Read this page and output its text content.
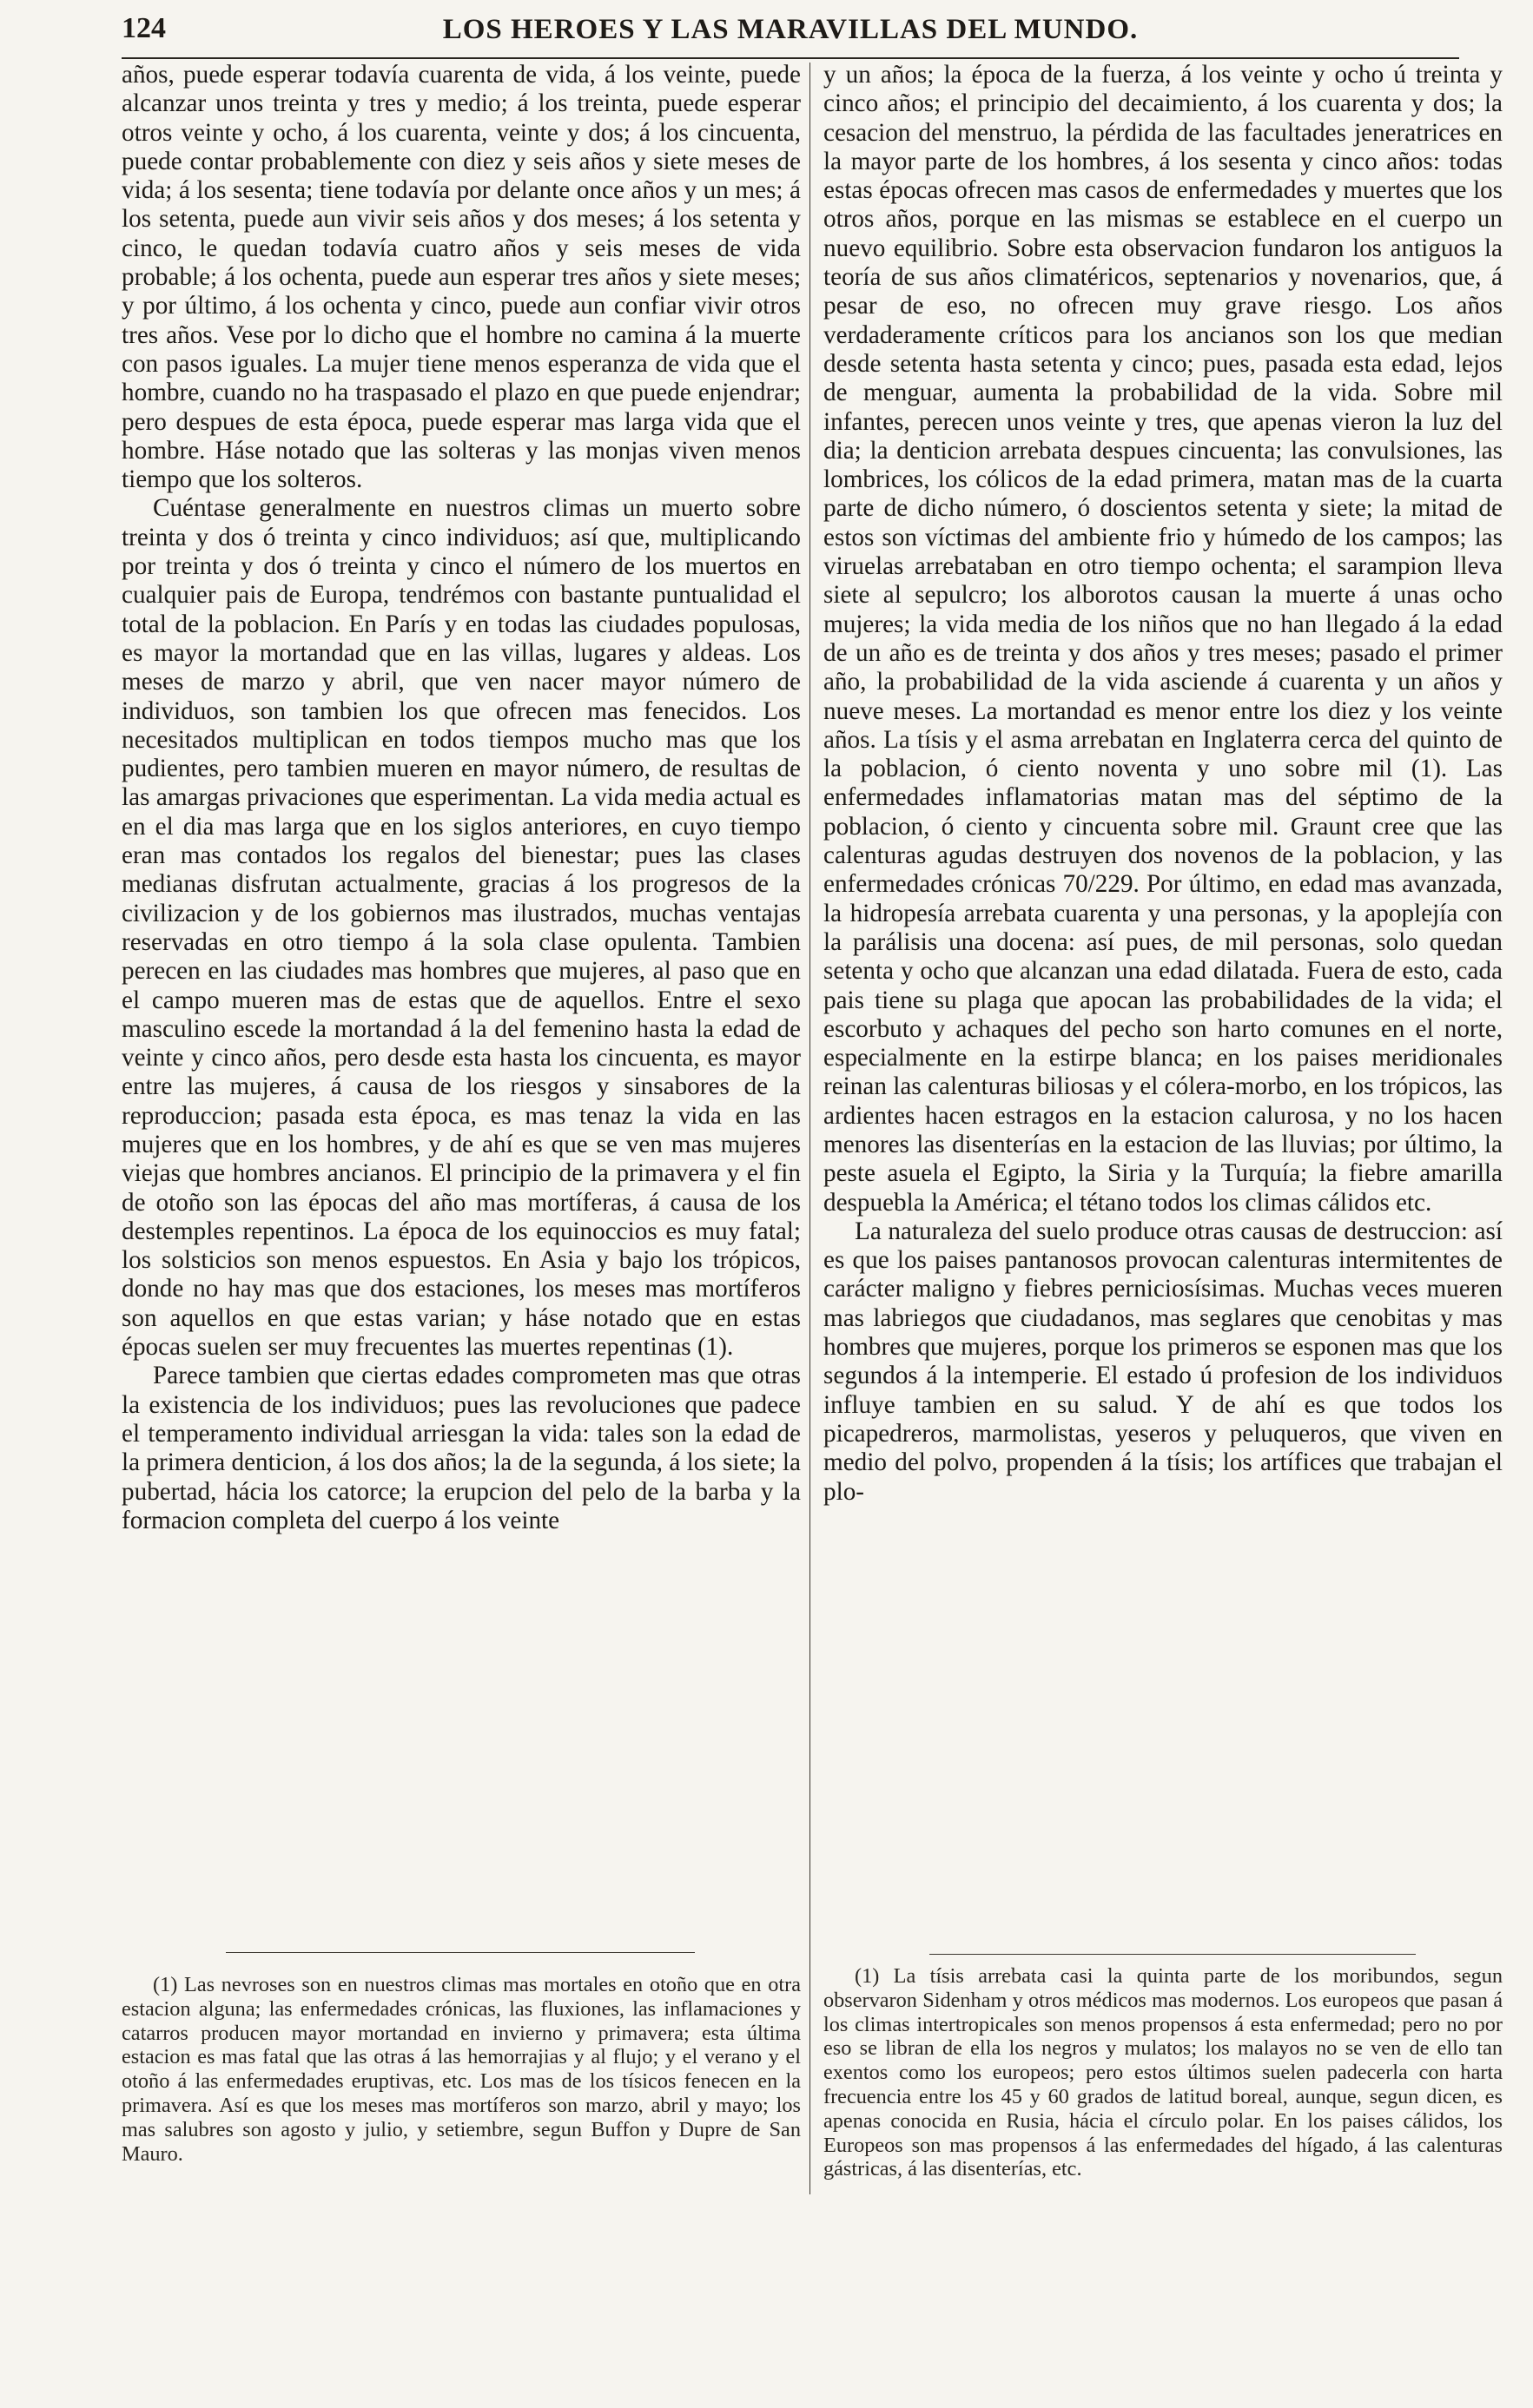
124	LOS HEROES Y LAS MARAVILLAS DEL MUNDO.

años, puede esperar todavía cuarenta de vida, á los veinte, puede alcanzar unos treinta y tres y medio; á los treinta, puede esperar otros veinte y ocho, á los cuarenta, veinte y dos; á los cincuenta, puede contar probablemente con diez y seis años y siete meses de vida; á los sesenta; tiene todavía por delante once años y un mes; á los setenta, puede aun vivir seis años y dos meses; á los setenta y cinco, le quedan todavía cuatro años y seis meses de vida probable; á los ochenta, puede aun esperar tres años y siete meses; y por último, á los ochenta y cinco, puede aun confiar vivir otros tres años. Vese por lo dicho que el hombre no camina á la muerte con pasos iguales. La mujer tiene menos esperanza de vida que el hombre, cuando no ha traspasado el plazo en que puede enjendrar; pero despues de esta época, puede esperar mas larga vida que el hombre. Háse notado que las solteras y las monjas viven menos tiempo que los solteros.

Cuéntase generalmente en nuestros climas un muerto sobre treinta y dos ó treinta y cinco individuos; así que, multiplicando por treinta y dos ó treinta y cinco el número de los muertos en cualquier pais de Europa, tendrémos con bastante puntualidad el total de la poblacion. En París y en todas las ciudades populosas, es mayor la mortandad que en las villas, lugares y aldeas. Los meses de marzo y abril, que ven nacer mayor número de individuos, son tambien los que ofrecen mas fenecidos. Los necesitados multiplican en todos tiempos mucho mas que los pudientes, pero tambien mueren en mayor número, de resultas de las amargas privaciones que esperimentan. La vida media actual es en el dia mas larga que en los siglos anteriores, en cuyo tiempo eran mas contados los regalos del bienestar; pues las clases medianas disfrutan actualmente, gracias á los progresos de la civilizacion y de los gobiernos mas ilustrados, muchas ventajas reservadas en otro tiempo á la sola clase opulenta. Tambien perecen en las ciudades mas hombres que mujeres, al paso que en el campo mueren mas de estas que de aquellos. Entre el sexo masculino escede la mortandad á la del femenino hasta la edad de veinte y cinco años, pero desde esta hasta los cincuenta, es mayor entre las mujeres, á causa de los riesgos y sinsabores de la reproduccion; pasada esta época, es mas tenaz la vida en las mujeres que en los hombres, y de ahí es que se ven mas mujeres viejas que hombres ancianos. El principio de la primavera y el fin de otoño son las épocas del año mas mortíferas, á causa de los destemples repentinos. La época de los equinoccios es muy fatal; los solsticios son menos espuestos. En Asia y bajo los trópicos, donde no hay mas que dos estaciones, los meses mas mortíferos son aquellos en que estas varian; y háse notado que en estas épocas suelen ser muy frecuentes las muertes repentinas (1).

Parece tambien que ciertas edades comprometen mas que otras la existencia de los individuos; pues las revoluciones que padece el temperamento individual arriesgan la vida: tales son la edad de la primera denticion, á los dos años; la de la segunda, á los siete; la pubertad, hácia los catorce; la erupcion del pelo de la barba y la formacion completa del cuerpo á los veinte

y un años; la época de la fuerza, á los veinte y ocho ú treinta y cinco años; el principio del decaimiento, á los cuarenta y dos; la cesacion del menstruo, la pérdida de las facultades jeneratrices en la mayor parte de los hombres, á los sesenta y cinco años: todas estas épocas ofrecen mas casos de enfermedades y muertes que los otros años, porque en las mismas se establece en el cuerpo un nuevo equilibrio. Sobre esta observacion fundaron los antiguos la teoría de sus años climatéricos, septenarios y novenarios, que, á pesar de eso, no ofrecen muy grave riesgo. Los años verdaderamente críticos para los ancianos son los que median desde setenta hasta setenta y cinco; pues, pasada esta edad, lejos de menguar, aumenta la probabilidad de la vida. Sobre mil infantes, perecen unos veinte y tres, que apenas vieron la luz del dia; la denticion arrebata despues cincuenta; las convulsiones, las lombrices, los cólicos de la edad primera, matan mas de la cuarta parte de dicho número, ó doscientos setenta y siete; la mitad de estos son víctimas del ambiente frio y húmedo de los campos; las viruelas arrebataban en otro tiempo ochenta; el sarampion lleva siete al sepulcro; los alborotos causan la muerte á unas ocho mujeres; la vida media de los niños que no han llegado á la edad de un año es de treinta y dos años y tres meses; pasado el primer año, la probabilidad de la vida asciende á cuarenta y un años y nueve meses. La mortandad es menor entre los diez y los veinte años. La tísis y el asma arrebatan en Inglaterra cerca del quinto de la poblacion, ó ciento noventa y uno sobre mil (1). Las enfermedades inflamatorias matan mas del séptimo de la poblacion, ó ciento y cincuenta sobre mil. Graunt cree que las calenturas agudas destruyen dos novenos de la poblacion, y las enfermedades crónicas 70/229. Por último, en edad mas avanzada, la hidropesía arrebata cuarenta y una personas, y la apoplejía con la parálisis una docena: así pues, de mil personas, solo quedan setenta y ocho que alcanzan una edad dilatada. Fuera de esto, cada pais tiene su plaga que apocan las probabilidades de la vida; el escorbuto y achaques del pecho son harto comunes en el norte, especialmente en la estirpe blanca; en los paises meridionales reinan las calenturas biliosas y el cólera-morbo, en los trópicos, las ardientes hacen estragos en la estacion calurosa, y no los hacen menores las disenterías en la estacion de las lluvias; por último, la peste asuela el Egipto, la Siria y la Turquía; la fiebre amarilla despuebla la América; el tétano todos los climas cálidos etc.

La naturaleza del suelo produce otras causas de destruccion: así es que los paises pantanosos provocan calenturas intermitentes de carácter maligno y fiebres perniciosísimas. Muchas veces mueren mas labriegos que ciudadanos, mas seglares que cenobitas y mas hombres que mujeres, porque los primeros se esponen mas que los segundos á la intemperie. El estado ú profesion de los individuos influye tambien en su salud. Y de ahí es que todos los picapedreros, marmolistas, yeseros y peluqueros, que viven en medio del polvo, propenden á la tísis; los artífices que trabajan el plo-

(1) Las nevroses son en nuestros climas mas mortales en otoño que en otra estacion alguna; las enfermedades crónicas, las fluxiones, las inflamaciones y catarros producen mayor mortandad en invierno y primavera; esta última estacion es mas fatal que las otras á las hemorrajias y al flujo; y el verano y el otoño á las enfermedades eruptivas, etc. Los mas de los tísicos fenecen en la primavera. Así es que los meses mas mortíferos son marzo, abril y mayo; los mas salubres son agosto y julio, y setiembre, segun Buffon y Dupre de San Mauro.

(1) La tísis arrebata casi la quinta parte de los moribundos, segun observaron Sidenham y otros médicos mas modernos. Los europeos que pasan á los climas intertropicales son menos propensos á esta enfermedad; pero no por eso se libran de ella los negros y mulatos; los malayos no se ven de ello tan exentos como los europeos; pero estos últimos suelen padecerla con harta frecuencia entre los 45 y 60 grados de latitud boreal, aunque, segun dicen, es apenas conocida en Rusia, hácia el círculo polar. En los paises cálidos, los Europeos son mas propensos á las enfermedades del hígado, á las calenturas gástricas, á las disenterías, etc.
